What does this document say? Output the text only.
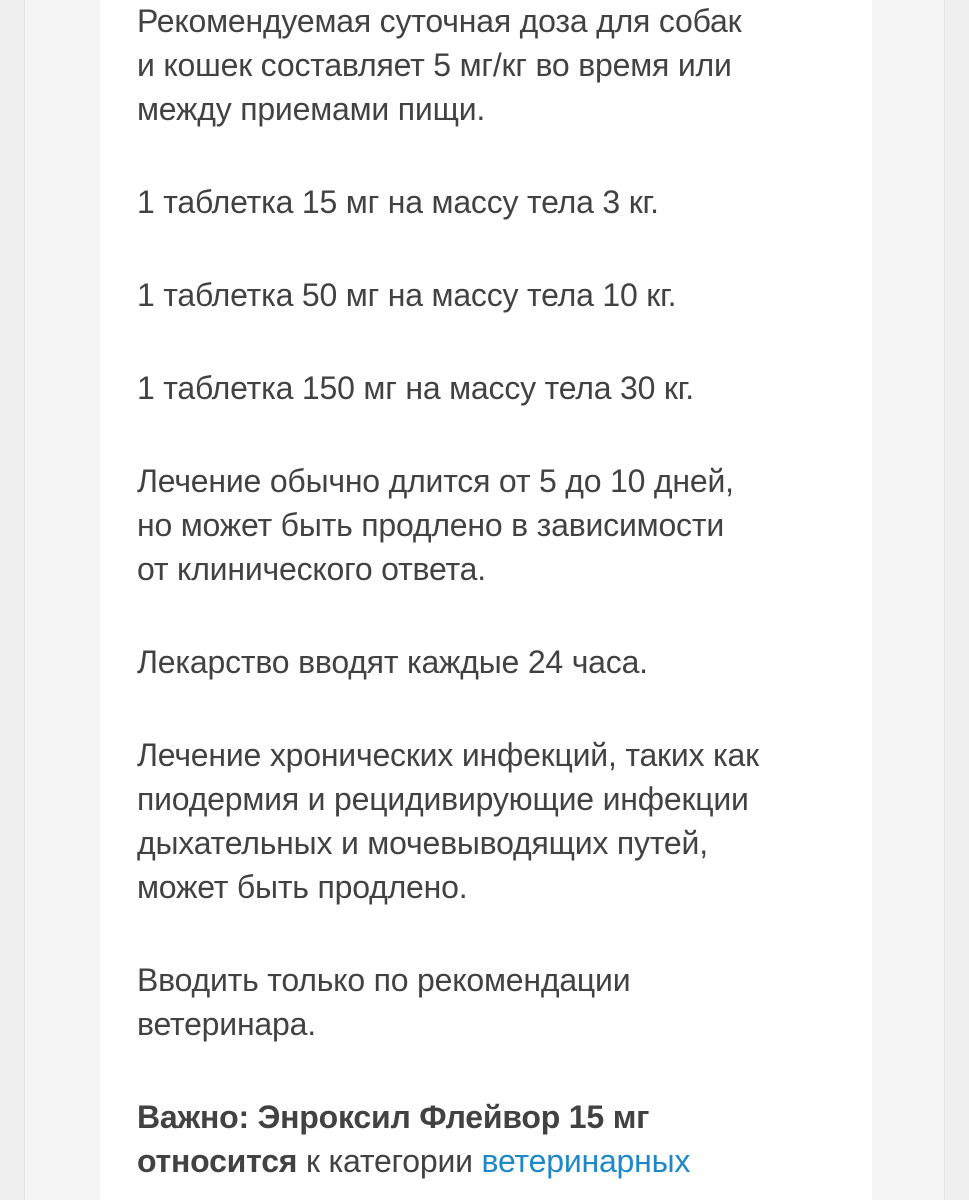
Рекомендуемая суточная доза для собак
и кошек составляет 5 мг/кг во время или
между приемами пищи.

1 таблетка 15 мг на массу тела 3 кг.

1 таблетка 50 мг на массу тела 10 кг.

1 таблетка 150 мг на массу тела 30 кг.

Лечение обычно длится от 5 до 10 дней,
но может быть продлено в зависимости
от клинического ответа.

Лекарство вводят каждые 24 часа.

Лечение хронических инфекций, таких как
пиодермия и рецидивирующие инфекции
дыхательных и мочевыводящих путей,
может быть продлено.

Вводить только по рекомендации
ветеринара.

Важно: Энроксил Флейвор 15 мг
относится к категории ветеринарных
